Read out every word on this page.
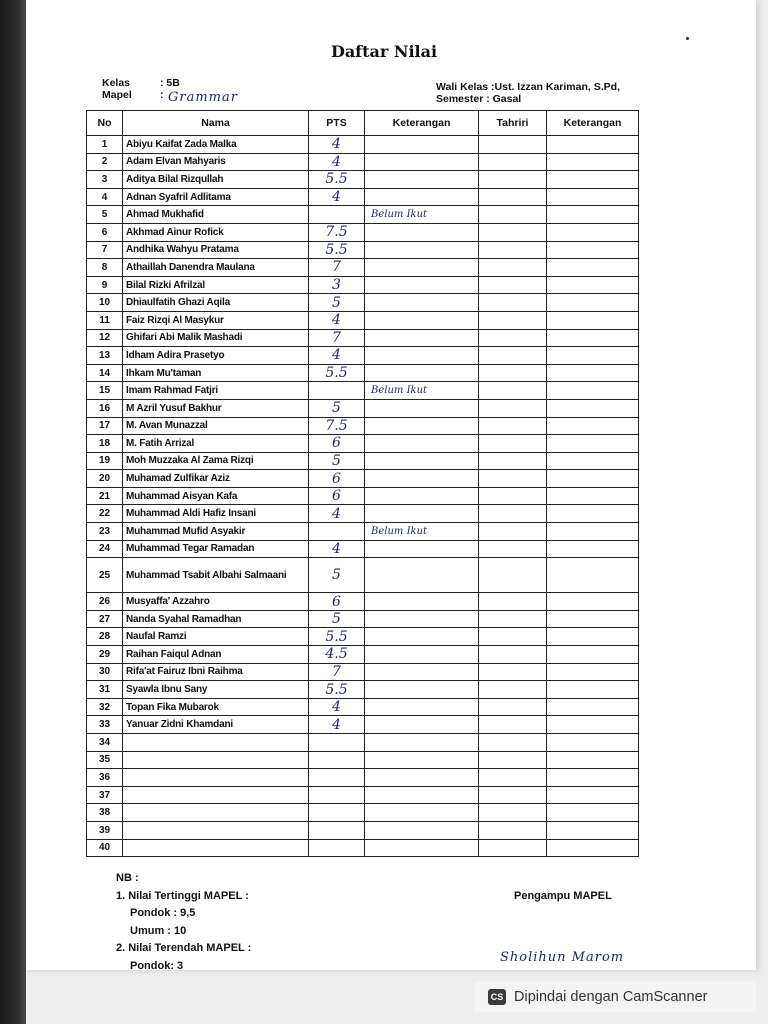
Daftar Nilai
Kelas	: 5B
Mapel	: Grammar
Wali Kelas :Ust. Izzan Kariman, S.Pd,
Semester : Gasal
No	Nama	PTS	Keterangan	Tahriri	Keterangan
1	Abiyu Kaifat Zada Malka	4			
2	Adam Elvan Mahyaris	4			
3	Aditya Bilal Rizqullah	5.5			
4	Adnan Syafril Adlitama	4			
5	Ahmad Mukhafid		Belum Ikut		
6	Akhmad Ainur Rofick	7.5			
7	Andhika Wahyu Pratama	5.5			
8	Athaillah Danendra Maulana	7			
9	Bilal Rizki Afrilzal	3			
10	Dhiaulfatih Ghazi Aqila	5			
11	Faiz Rizqi Al Masykur	4			
12	Ghifari Abi Malik Mashadi	7			
13	Idham Adira Prasetyo	4			
14	Ihkam Mu'taman	5.5			
15	Imam Rahmad Fatjri		Belum Ikut		
16	M Azril Yusuf Bakhur	5			
17	M. Avan Munazzal	7.5			
18	M. Fatih Arrizal	6			
19	Moh Muzzaka Al Zama Rizqi	5			
20	Muhamad Zulfikar Aziz	6			
21	Muhammad Aisyan Kafa	6			
22	Muhammad Aldi Hafiz Insani	4			
23	Muhammad Mufid Asyakir		Belum Ikut		
24	Muhammad Tegar Ramadan	4			
25	Muhammad Tsabit Albahi Salmaani	5			
26	Musyaffa' Azzahro	6			
27	Nanda Syahal Ramadhan	5			
28	Naufal Ramzi	5.5			
29	Raihan Faiqul Adnan	4.5			
30	Rifa'at Fairuz Ibni Raihma	7			
31	Syawla Ibnu Sany	5.5			
32	Topan Fika Mubarok	4			
33	Yanuar Zidni Khamdani	4			
34					
35					
36					
37					
38					
39					
40					
NB :
1. Nilai Tertinggi MAPEL :
Pondok : 9,5
Umum : 10
2. Nilai Terendah MAPEL :
Pondok: 3
Pengampu MAPEL
Sholihun Marom
CS Dipindai dengan CamScanner
